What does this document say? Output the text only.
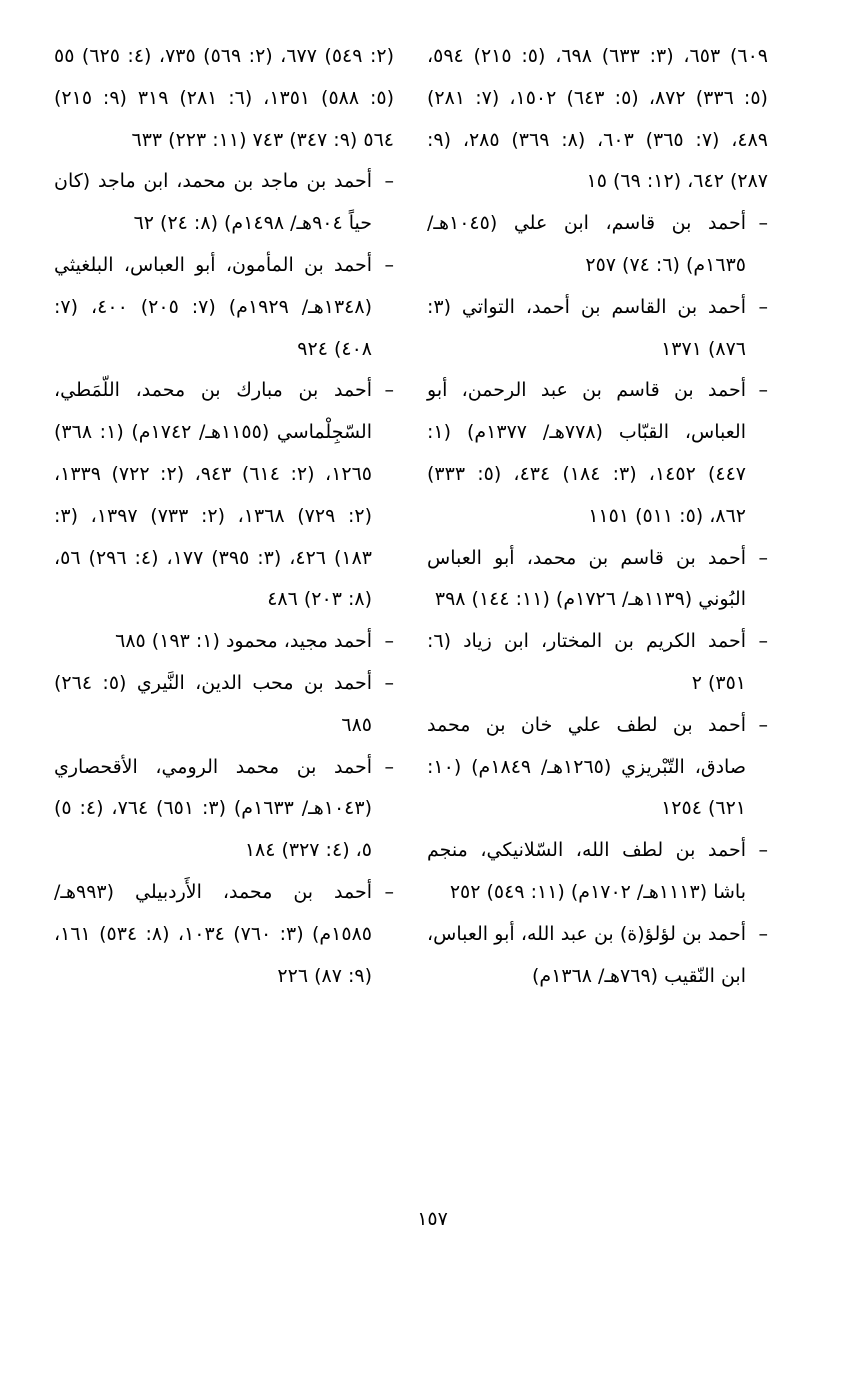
٦٠٩) ٦٥٣، (٣: ٦٣٣) ٦٩٨، (٥: ٢١٥) ٥٩٤، (٥: ٣٣٦) ٨٧٢، (٥: ٦٤٣) ١٥٠٢، (٧: ٢٨١) ٤٨٩، (٧: ٣٦٥) ٦٠٣، (٨: ٣٦٩) ٢٨٥، (٩: ٢٨٧) ٦٤٢، (١٢: ٦٩) ١٥

–
أحمد بن قاسم، ابن علي (١٠٤٥هـ/ ١٦٣٥م) (٦: ٧٤) ٢٥٧
–
أحمد بن القاسم بن أحمد، التواتي (٣: ٨٧٦) ١٣٧١
–
أحمد بن قاسم بن عبد الرحمن، أبو العباس، القبّاب (٧٧٨هـ/ ١٣٧٧م) (١: ٤٤٧) ١٤٥٢، (٣: ١٨٤) ٤٣٤، (٥: ٣٣٣) ٨٦٢، (٥: ٥١١) ١١٥١
–
أحمد بن قاسم بن محمد، أبو العباس البُوني (١١٣٩هـ/ ١٧٢٦م) (١١: ١٤٤) ٣٩٨
–
أحمد الكريم بن المختار، ابن زياد (٦: ٣٥١) ٢
–
أحمد بن لطف علي خان بن محمد صادق، التّبْريزي (١٢٦٥هـ/ ١٨٤٩م) (١٠: ٦٢١) ١٢٥٤
–
أحمد بن لطف الله، السّلانيكي، منجم باشا (١١١٣هـ/ ١٧٠٢م) (١١: ٥٤٩) ٢٥٢
–
أحمد بن لؤلؤ(ة) بن عبد الله، أبو العباس، ابن النّقيب (٧٦٩هـ/ ١٣٦٨م)

(٢: ٥٤٩) ٦٧٧، (٢: ٥٦٩) ٧٣٥، (٤: ٦٢٥) ٥٥ (٥: ٥٨٨) ١٣٥١، (٦: ٢٨١) ٣١٩ (٩: ٢١٥) ٥٦٤ (٩: ٣٤٧) ٧٤٣ (١١: ٢٢٣) ٦٣٣

–
أحمد بن ماجد بن محمد، ابن ماجد (كان حياً ٩٠٤هـ/ ١٤٩٨م) (٨: ٢٤) ٦٢
–
أحمد بن المأمون، أبو العباس، البلغيثي (١٣٤٨هـ/ ١٩٢٩م) (٧: ٢٠٥) ٤٠٠، (٧: ٤٠٨) ٩٢٤
–
أحمد بن مبارك بن محمد، اللّمَطي، السّجِلْماسي (١١٥٥هـ/ ١٧٤٢م) (١: ٣٦٨) ١٢٦٥، (٢: ٦١٤) ٩٤٣، (٢: ٧٢٢) ١٣٣٩، (٢: ٧٢٩) ١٣٦٨، (٢: ٧٣٣) ١٣٩٧، (٣: ١٨٣) ٤٢٦، (٣: ٣٩٥) ١٧٧، (٤: ٢٩٦) ٥٦، (٨: ٢٠٣) ٤٨٦
–
أحمد مجيد، محمود (١: ١٩٣) ٦٨٥
–
أحمد بن محب الدين، النَّيري (٥: ٢٦٤) ٦٨٥
–
أحمد بن محمد الرومي، الأقحصاري (١٠٤٣هـ/ ١٦٣٣م) (٣: ٦٥١) ٧٦٤، (٤: ٥) ٥، (٤: ٣٢٧) ١٨٤
–
أحمد بن محمد، الأَردبيلي (٩٩٣هـ/ ١٥٨٥م) (٣: ٧٦٠) ١٠٣٤، (٨: ٥٣٤) ١٦١، (٩: ٨٧) ٢٢٦
١٥٧
